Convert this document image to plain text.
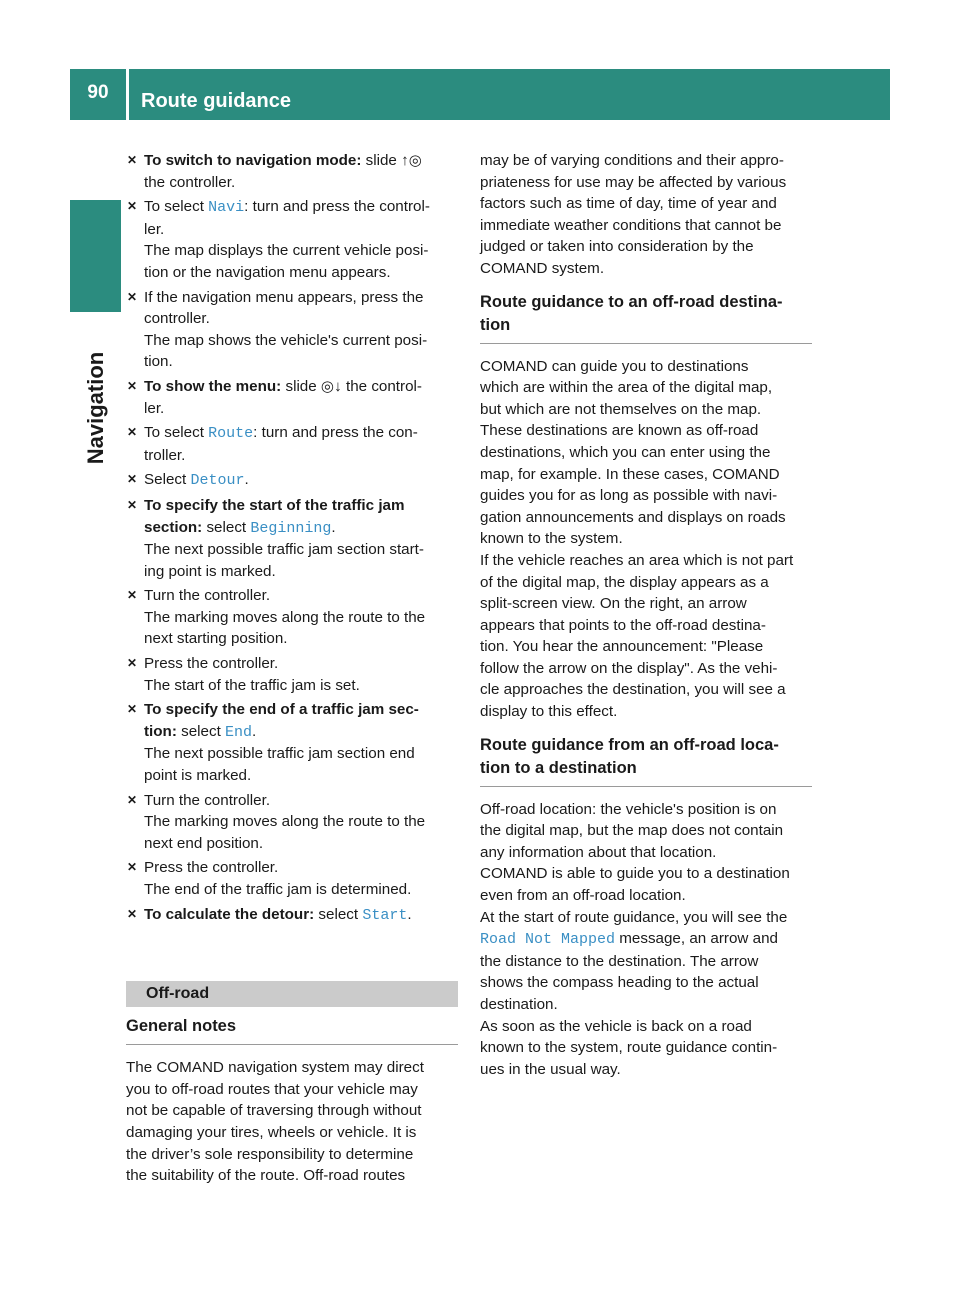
90	Route guidance
Navigation
✕ To switch to navigation mode: slide ↑◎

the controller.

✕ To select Navi: turn and press the control-

ler.

The map displays the current vehicle posi-

tion or the navigation menu appears.

✕ If the navigation menu appears, press the

controller.

The map shows the vehicle's current posi-

tion.

✕ To show the menu: slide ◎↓ the control-

ler.

✕ To select Route: turn and press the con-

troller.

✕ Select Detour.

✕ To specify the start of the traffic jam

section: select Beginning.

The next possible traffic jam section start-

ing point is marked.

✕ Turn the controller.

The marking moves along the route to the

next starting position.

✕ Press the controller.

The start of the traffic jam is set.

✕ To specify the end of a traffic jam sec-

tion: select End.

The next possible traffic jam section end

point is marked.

✕ Turn the controller.

The marking moves along the route to the

next end position.

✕ Press the controller.

The end of the traffic jam is determined.

✕ To calculate the detour: select Start.

Off-road
General notes

The COMAND navigation system may direct

you to off-road routes that your vehicle may

not be capable of traversing through without

damaging your tires, wheels or vehicle. It is

the driver’s sole responsibility to determine

the suitability of the route. Off-road routes

may be of varying conditions and their appro-

priateness for use may be affected by various

factors such as time of day, time of year and

immediate weather conditions that cannot be

judged or taken into consideration by the

COMAND system.

Route guidance to an off-road destina-
tion

COMAND can guide you to destinations

which are within the area of the digital map,

but which are not themselves on the map.

These destinations are known as off-road

destinations, which you can enter using the

map, for example. In these cases, COMAND

guides you for as long as possible with navi-

gation announcements and displays on roads

known to the system.

If the vehicle reaches an area which is not part

of the digital map, the display appears as a

split-screen view. On the right, an arrow

appears that points to the off-road destina-

tion. You hear the announcement: "Please

follow the arrow on the display". As the vehi-

cle approaches the destination, you will see a

display to this effect.

Route guidance from an off-road loca-
tion to a destination

Off-road location: the vehicle's position is on

the digital map, but the map does not contain

any information about that location.

COMAND is able to guide you to a destination

even from an off-road location.

At the start of route guidance, you will see the

Road Not Mapped message, an arrow and

the distance to the destination. The arrow

shows the compass heading to the actual

destination.

As soon as the vehicle is back on a road

known to the system, route guidance contin-

ues in the usual way.
